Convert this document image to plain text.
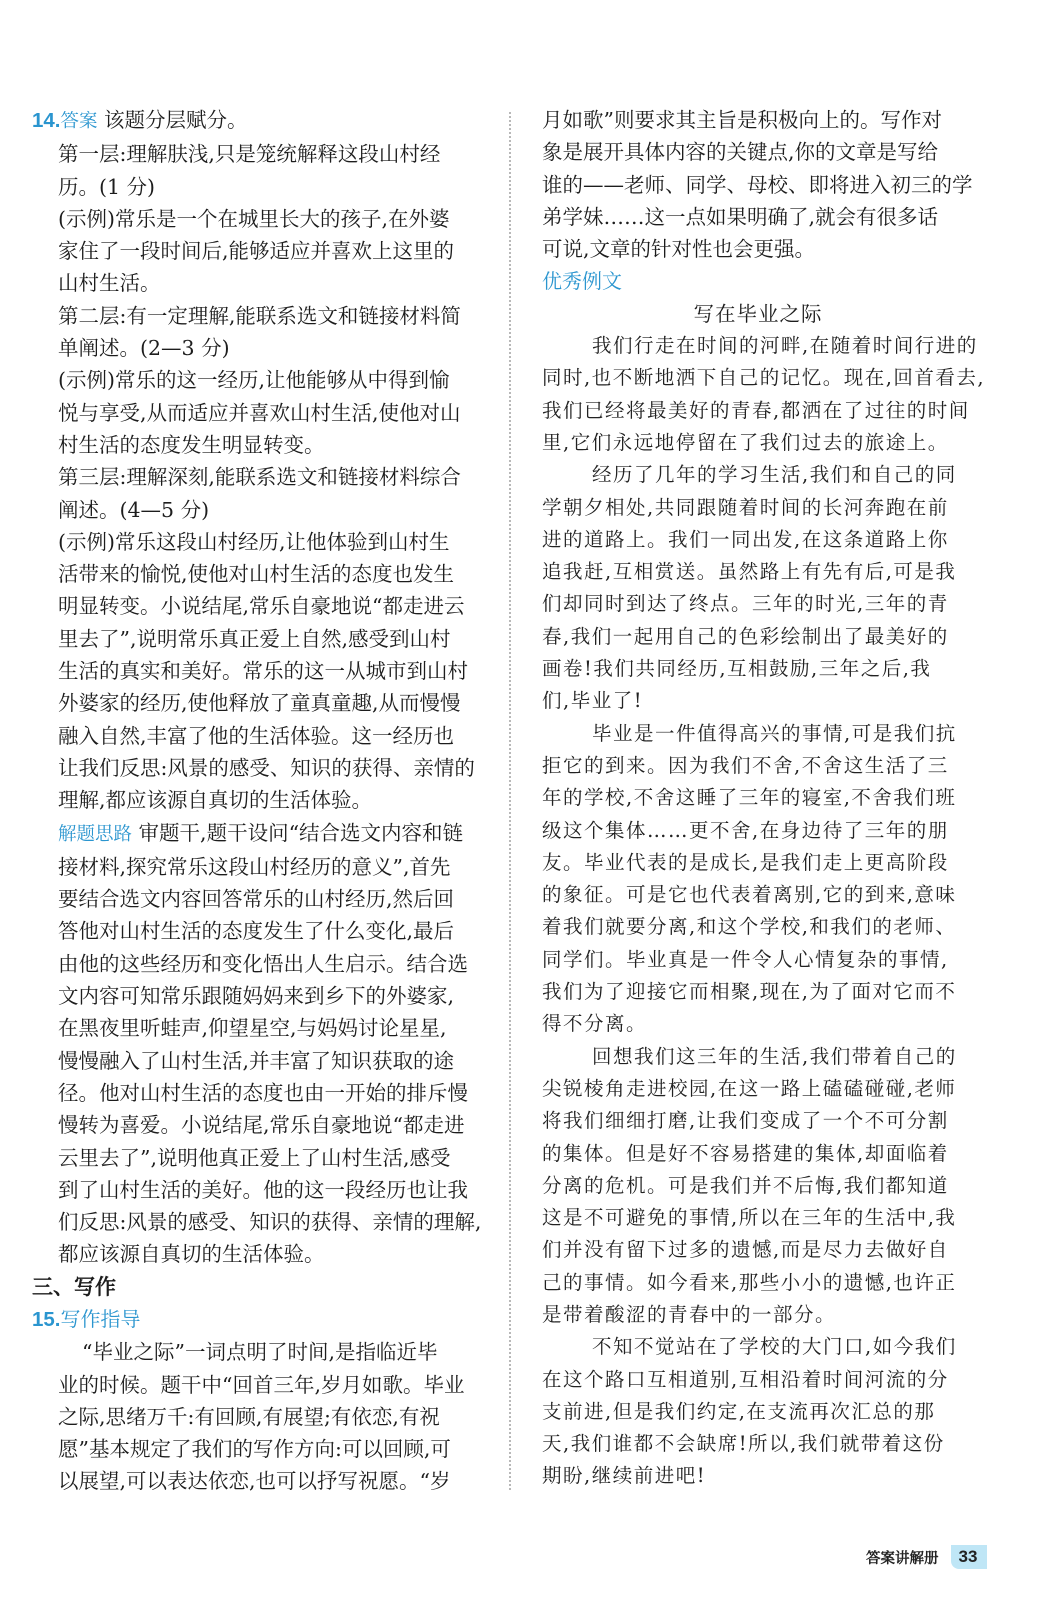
14.答案 该题分层赋分。
第一层:理解肤浅,只是笼统解释这段山村经
历。(1 分)
(示例)常乐是一个在城里长大的孩子,在外婆
家住了一段时间后,能够适应并喜欢上这里的
山村生活。
第二层:有一定理解,能联系选文和链接材料简
单阐述。(2—3 分)
(示例)常乐的这一经历,让他能够从中得到愉
悦与享受,从而适应并喜欢山村生活,使他对山
村生活的态度发生明显转变。
第三层:理解深刻,能联系选文和链接材料综合
阐述。(4—5 分)
(示例)常乐这段山村经历,让他体验到山村生
活带来的愉悦,使他对山村生活的态度也发生
明显转变。小说结尾,常乐自豪地说“都走进云
里去了”,说明常乐真正爱上自然,感受到山村
生活的真实和美好。常乐的这一从城市到山村
外婆家的经历,使他释放了童真童趣,从而慢慢
融入自然,丰富了他的生活体验。这一经历也
让我们反思:风景的感受、知识的获得、亲情的
理解,都应该源自真切的生活体验。
解题思路 审题干,题干设问“结合选文内容和链
接材料,探究常乐这段山村经历的意义”,首先
要结合选文内容回答常乐的山村经历,然后回
答他对山村生活的态度发生了什么变化,最后
由他的这些经历和变化悟出人生启示。结合选
文内容可知常乐跟随妈妈来到乡下的外婆家,
在黑夜里听蛙声,仰望星空,与妈妈讨论星星,
慢慢融入了山村生活,并丰富了知识获取的途
径。他对山村生活的态度也由一开始的排斥慢
慢转为喜爱。小说结尾,常乐自豪地说“都走进
云里去了”,说明他真正爱上了山村生活,感受
到了山村生活的美好。他的这一段经历也让我
们反思:风景的感受、知识的获得、亲情的理解,
都应该源自真切的生活体验。
三、写作
15.写作指导
“毕业之际”一词点明了时间,是指临近毕
业的时候。题干中“回首三年,岁月如歌。毕业
之际,思绪万千:有回顾,有展望;有依恋,有祝
愿”基本规定了我们的写作方向:可以回顾,可
以展望,可以表达依恋,也可以抒写祝愿。“岁
月如歌”则要求其主旨是积极向上的。写作对
象是展开具体内容的关键点,你的文章是写给
谁的——老师、同学、母校、即将进入初三的学
弟学妹……这一点如果明确了,就会有很多话
可说,文章的针对性也会更强。
优秀例文
写在毕业之际
我们行走在时间的河畔,在随着时间行进的
同时,也不断地洒下自己的记忆。现在,回首看去,
我们已经将最美好的青春,都洒在了过往的时间
里,它们永远地停留在了我们过去的旅途上。
经历了几年的学习生活,我们和自己的同
学朝夕相处,共同跟随着时间的长河奔跑在前
进的道路上。我们一同出发,在这条道路上你
追我赶,互相赏送。虽然路上有先有后,可是我
们却同时到达了终点。三年的时光,三年的青
春,我们一起用自己的色彩绘制出了最美好的
画卷!我们共同经历,互相鼓励,三年之后,我
们,毕业了!
毕业是一件值得高兴的事情,可是我们抗
拒它的到来。因为我们不舍,不舍这生活了三
年的学校,不舍这睡了三年的寝室,不舍我们班
级这个集体……更不舍,在身边待了三年的朋
友。毕业代表的是成长,是我们走上更高阶段
的象征。可是它也代表着离别,它的到来,意味
着我们就要分离,和这个学校,和我们的老师、
同学们。毕业真是一件令人心情复杂的事情,
我们为了迎接它而相聚,现在,为了面对它而不
得不分离。
回想我们这三年的生活,我们带着自己的
尖锐棱角走进校园,在这一路上磕磕碰碰,老师
将我们细细打磨,让我们变成了一个不可分割
的集体。但是好不容易搭建的集体,却面临着
分离的危机。可是我们并不后悔,我们都知道
这是不可避免的事情,所以在三年的生活中,我
们并没有留下过多的遗憾,而是尽力去做好自
己的事情。如今看来,那些小小的遗憾,也许正
是带着酸涩的青春中的一部分。
不知不觉站在了学校的大门口,如今我们
在这个路口互相道别,互相沿着时间河流的分
支前进,但是我们约定,在支流再次汇总的那
天,我们谁都不会缺席!所以,我们就带着这份
期盼,继续前进吧!
答案讲解册	33
